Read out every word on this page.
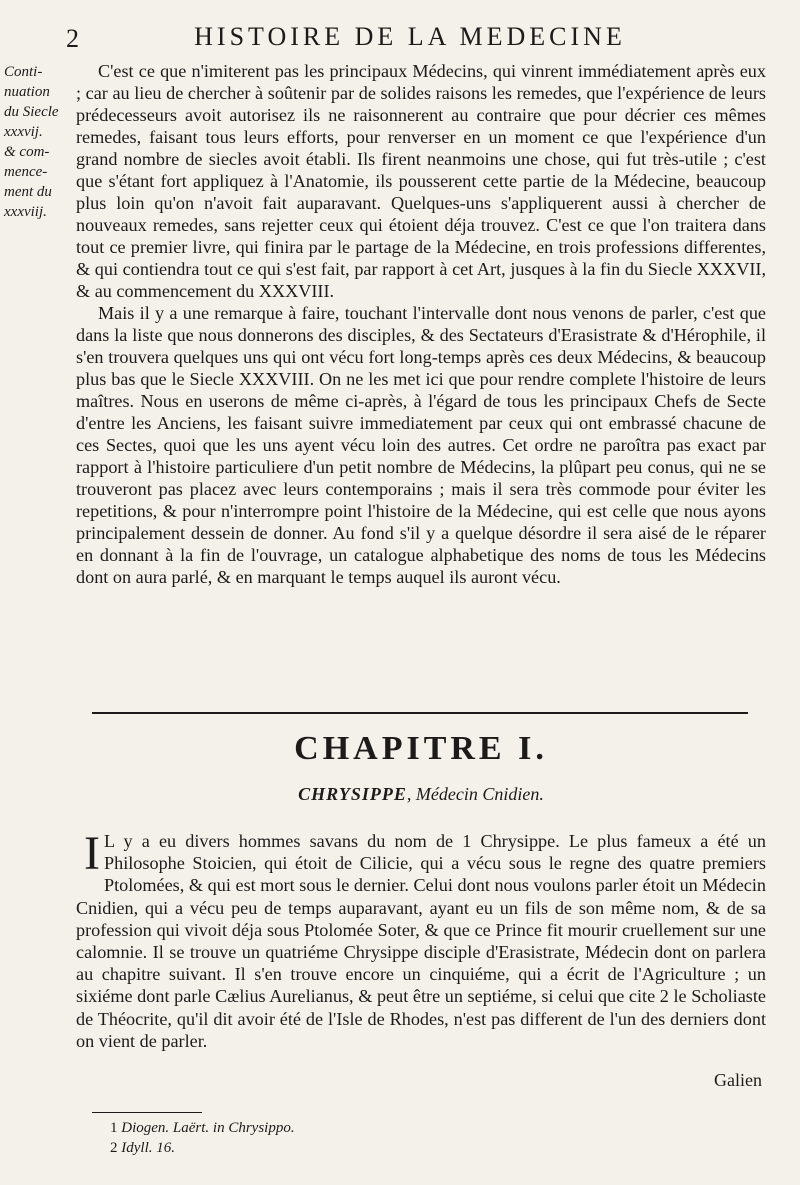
2	HISTOIRE DE LA MEDECINE
Conti-
nuation
du Siecle
xxxvij.
& com-
mence-
ment du
xxxviij.

C'est ce que n'imiterent pas les principaux Médecins, qui vinrent immédiatement après eux ; car au lieu de chercher à soûtenir par de solides raisons les remedes, que l'expérience de leurs prédecesseurs avoit autorisez ils ne raisonnerent au contraire que pour décrier ces mêmes remedes, faisant tous leurs efforts, pour renverser en un moment ce que l'expérience d'un grand nombre de siecles avoit établi. Ils firent neanmoins une chose, qui fut très-utile ; c'est que s'étant fort appliquez à l'Anatomie, ils pousserent cette partie de la Médecine, beaucoup plus loin qu'on n'avoit fait auparavant. Quelques-uns s'appliquerent aussi à chercher de nouveaux remedes, sans rejetter ceux qui étoient déja trouvez. C'est ce que l'on traitera dans tout ce premier livre, qui finira par le partage de la Médecine, en trois professions differentes, & qui contiendra tout ce qui s'est fait, par rapport à cet Art, jusques à la fin du Siecle XXXVII, & au commencement du XXXVIII.

Mais il y a une remarque à faire, touchant l'intervalle dont nous venons de parler, c'est que dans la liste que nous donnerons des disciples, & des Sectateurs d'Erasistrate & d'Hérophile, il s'en trouvera quelques uns qui ont vécu fort long-temps après ces deux Médecins, & beaucoup plus bas que le Siecle XXXVIII. On ne les met ici que pour rendre complete l'histoire de leurs maîtres. Nous en userons de même ci-après, à l'égard de tous les principaux Chefs de Secte d'entre les Anciens, les faisant suivre immediatement par ceux qui ont embrassé chacune de ces Sectes, quoi que les uns ayent vécu loin des autres. Cet ordre ne paroîtra pas exact par rapport à l'histoire particuliere d'un petit nombre de Médecins, la plûpart peu conus, qui ne se trouveront pas placez avec leurs contemporains ; mais il sera très commode pour éviter les repetitions, & pour n'interrompre point l'histoire de la Médecine, qui est celle que nous ayons principalement dessein de donner. Au fond s'il y a quelque désordre il sera aisé de le réparer en donnant à la fin de l'ouvrage, un catalogue alphabetique des noms de tous les Médecins dont on aura parlé, & en marquant le temps auquel ils auront vécu.

CHAPITRE I.
CHRYSIPPE, Médecin Cnidien.
I L y a eu divers hommes savans du nom de 1 Chrysippe. Le plus fameux a été un Philosophe Stoicien, qui étoit de Cilicie, qui a vécu sous le regne des quatre premiers Ptolomées, & qui est mort sous le dernier. Celui dont nous voulons parler étoit un Médecin Cnidien, qui a vécu peu de temps auparavant, ayant eu un fils de son même nom, & de sa profession qui vivoit déja sous Ptolomée Soter, & que ce Prince fit mourir cruellement sur une calomnie. Il se trouve un quatriéme Chrysippe disciple d'Erasistrate, Médecin dont on parlera au chapitre suivant. Il s'en trouve encore un cinquiéme, qui a écrit de l'Agriculture ; un sixiéme dont parle Cælius Aurelianus, & peut être un septiéme, si celui que cite 2 le Scholiaste de Théocrite, qu'il dit avoir été de l'Isle de Rhodes, n'est pas different de l'un des derniers dont on vient de parler.
Galien
1 Diogen. Laërt. in Chrysippo.
2 Idyll. 16.
